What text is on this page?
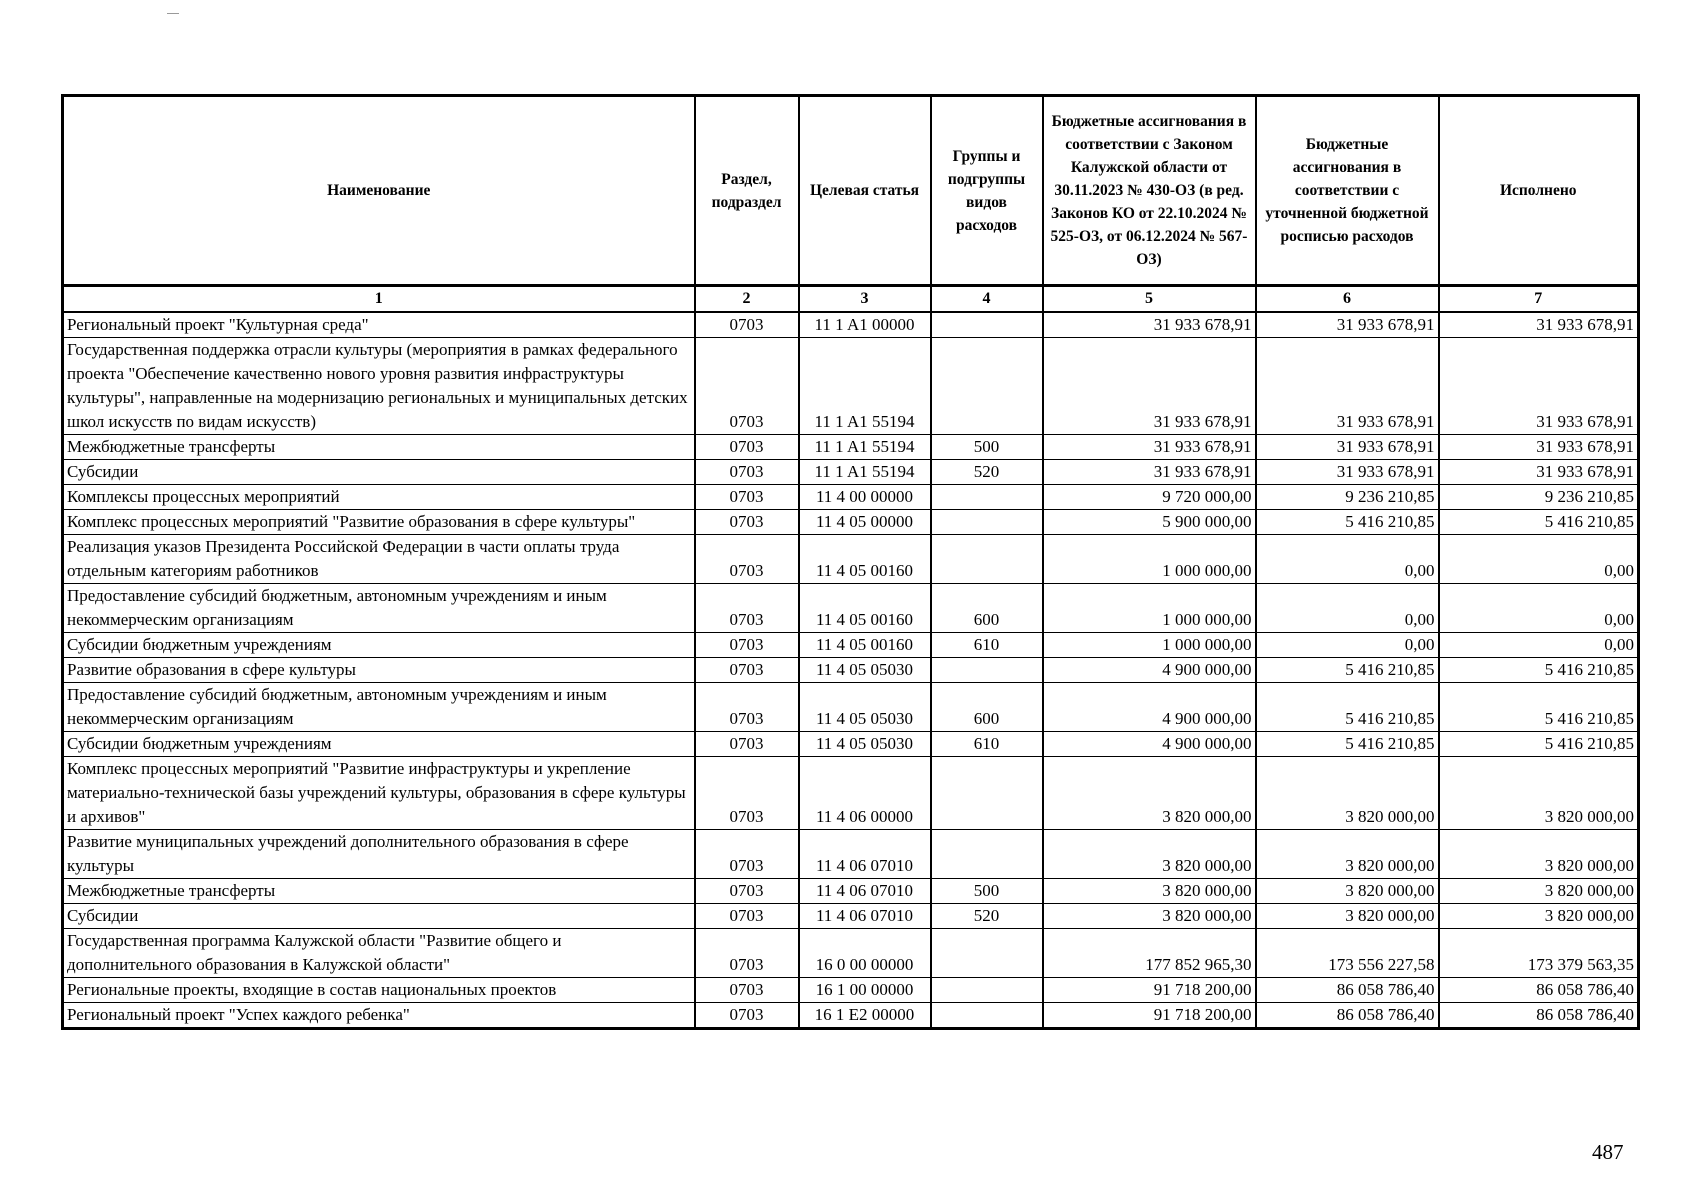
Наименование	Раздел, подраздел	Целевая статья	Группы и подгруппы видов расходов	Бюджетные ассигнования в соответствии с Законом Калужской области от 30.11.2023 № 430-ОЗ (в ред. Законов КО от 22.10.2024 № 525-ОЗ, от 06.12.2024 № 567-ОЗ)	Бюджетные ассигнования в соответствии с уточненной бюджетной росписью расходов	Исполнено
1	2	3	4	5	6	7
Региональный проект "Культурная среда"	0703	11 1 A1 00000		31 933 678,91	31 933 678,91	31 933 678,91
Государственная поддержка отрасли культуры (мероприятия в рамках федерального проекта "Обеспечение качественно нового уровня развития инфраструктуры культуры", направленные на модернизацию региональных и муниципальных детских школ искусств по видам искусств)	0703	11 1 A1 55194		31 933 678,91	31 933 678,91	31 933 678,91
Межбюджетные трансферты	0703	11 1 A1 55194	500	31 933 678,91	31 933 678,91	31 933 678,91
Субсидии	0703	11 1 A1 55194	520	31 933 678,91	31 933 678,91	31 933 678,91
Комплексы процессных мероприятий	0703	11 4 00 00000		9 720 000,00	9 236 210,85	9 236 210,85
Комплекс процессных мероприятий "Развитие образования в сфере культуры"	0703	11 4 05 00000		5 900 000,00	5 416 210,85	5 416 210,85
Реализация указов Президента Российской Федерации в части оплаты труда отдельным категориям работников	0703	11 4 05 00160		1 000 000,00	0,00	0,00
Предоставление субсидий бюджетным, автономным учреждениям и иным некоммерческим организациям	0703	11 4 05 00160	600	1 000 000,00	0,00	0,00
Субсидии бюджетным учреждениям	0703	11 4 05 00160	610	1 000 000,00	0,00	0,00
Развитие образования в сфере культуры	0703	11 4 05 05030		4 900 000,00	5 416 210,85	5 416 210,85
Предоставление субсидий бюджетным, автономным учреждениям и иным некоммерческим организациям	0703	11 4 05 05030	600	4 900 000,00	5 416 210,85	5 416 210,85
Субсидии бюджетным учреждениям	0703	11 4 05 05030	610	4 900 000,00	5 416 210,85	5 416 210,85
Комплекс процессных мероприятий "Развитие инфраструктуры и укрепление материально-технической базы учреждений культуры, образования в сфере культуры и архивов"	0703	11 4 06 00000		3 820 000,00	3 820 000,00	3 820 000,00
Развитие муниципальных учреждений дополнительного образования в сфере культуры	0703	11 4 06 07010		3 820 000,00	3 820 000,00	3 820 000,00
Межбюджетные трансферты	0703	11 4 06 07010	500	3 820 000,00	3 820 000,00	3 820 000,00
Субсидии	0703	11 4 06 07010	520	3 820 000,00	3 820 000,00	3 820 000,00
Государственная программа Калужской области "Развитие общего и дополнительного образования в Калужской области"	0703	16 0 00 00000		177 852 965,30	173 556 227,58	173 379 563,35
Региональные проекты, входящие в состав национальных проектов	0703	16 1 00 00000		91 718 200,00	86 058 786,40	86 058 786,40
Региональный проект "Успех каждого ребенка"	0703	16 1 E2 00000		91 718 200,00	86 058 786,40	86 058 786,40
487
